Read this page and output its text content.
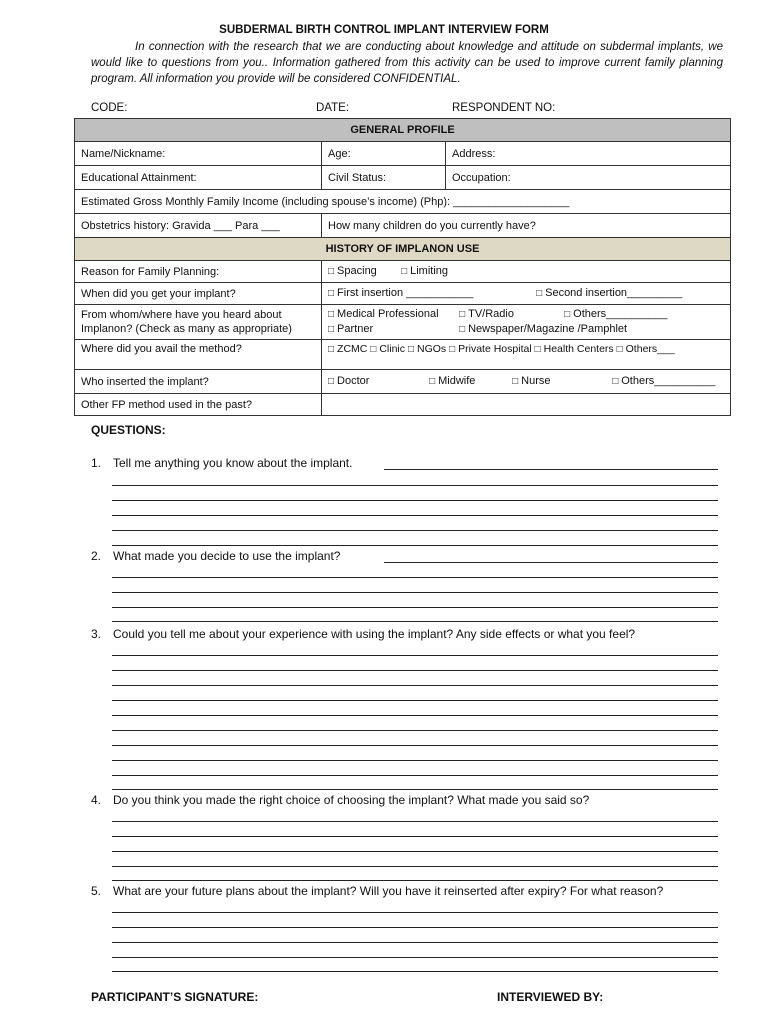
SUBDERMAL BIRTH CONTROL IMPLANT INTERVIEW FORM
In connection with the research that we are conducting about knowledge and attitude on subdermal implants, we would like to questions from you.. Information gathered from this activity can be used to improve current family planning program. All information you provide will be considered CONFIDENTIAL.
CODE:	DATE:	RESPONDENT NO:
GENERAL PROFILE		
Name/Nickname:	Age:	Address:
Educational Attainment:	Civil Status:	Occupation:
Estimated Gross Monthly Family Income (including spouse’s income) (Php): ___________________		
Obstetrics history: Gravida ___ Para ___	How many children do you currently have?	
HISTORY OF IMPLANON USE		
Reason for Family Planning:	□ Spacing □ Limiting	
When did you get your implant?	□ First insertion ___________ □ Second insertion_________	
From whom/where have you heard about Implanon? (Check as many as appropriate)	□ Medical Professional □ TV/Radio □ Others__________
□ Partner □ Newspaper/Magazine /Pamphlet	

Where did you avail the method?	□ ZCMC □ Clinic □ NGOs □ Private Hospital □ Health Centers □ Others___	
Who inserted the implant?	□ Doctor □ Midwife □ Nurse □ Others__________	
Other FP method used in the past?		
QUESTIONS:
1. Tell me anything you know about the implant.
2. What made you decide to use the implant?
3. Could you tell me about your experience with using the implant? Any side effects or what you feel?
4. Do you think you made the right choice of choosing the implant? What made you said so?
5. What are your future plans about the implant? Will you have it reinserted after expiry? For what reason?
PARTICIPANT’S SIGNATURE:	INTERVIEWED BY:
